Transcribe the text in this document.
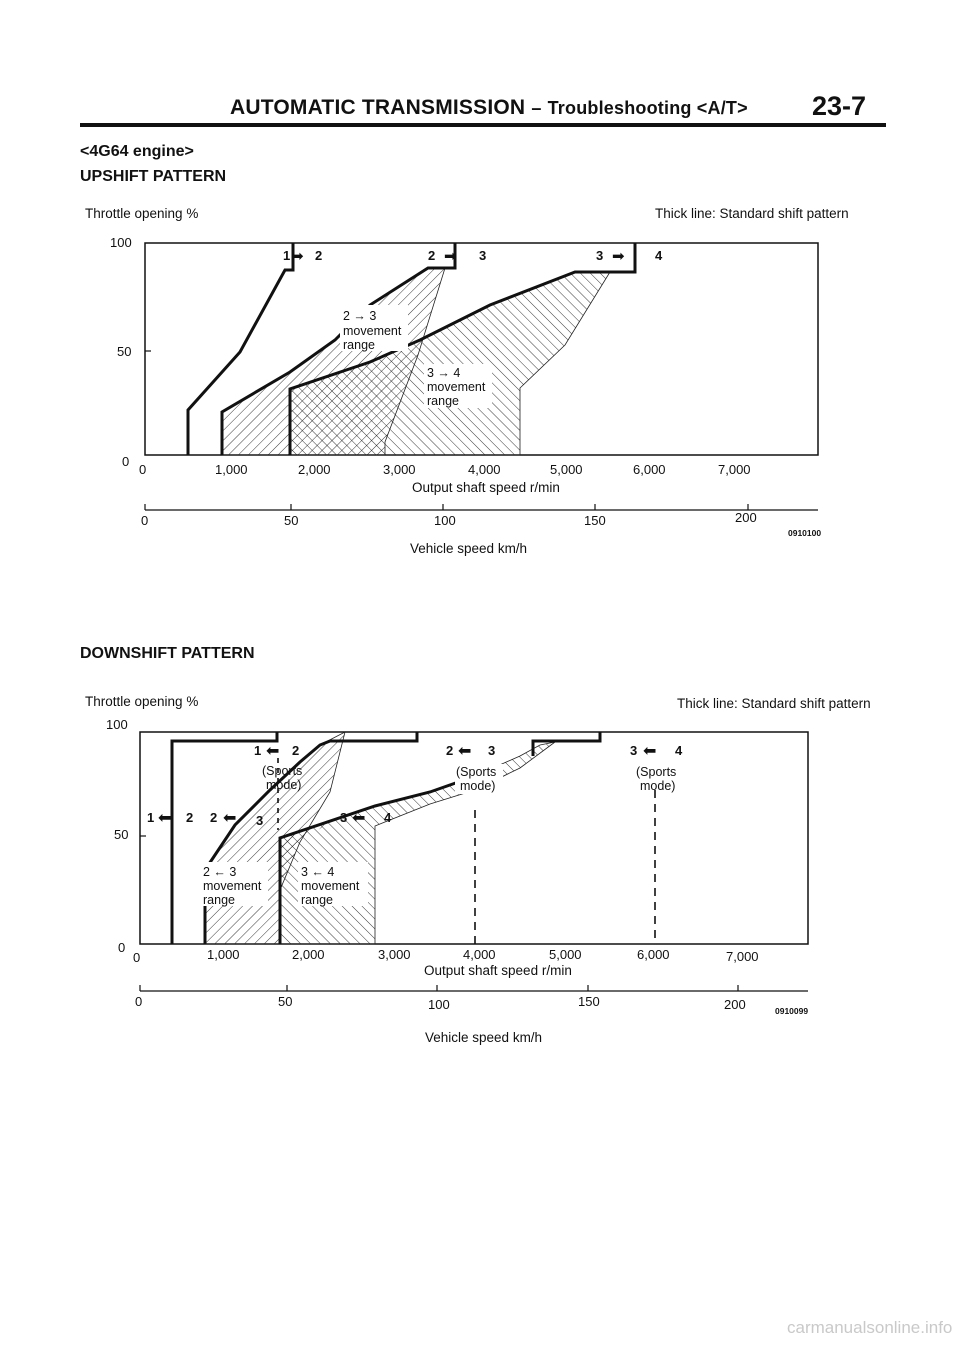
AUTOMATIC TRANSMISSION – Troubleshooting <A/T> 23-7
<4G64 engine>
UPSHIFT PATTERN
DOWNSHIFT PATTERN
Throttle opening %	Thick line: Standard shift pattern
100
50
0
1 ➡ 2	2 ➡ 3	3 ➡ 4
2 → 3
movement
range
3 → 4
movement
range
0	1,000	2,000	3,000	4,000	5,000	6,000	7,000
Output shaft speed r/min
0	50	100	150	200
0910100
Vehicle speed km/h
Throttle opening %	Thick line: Standard shift pattern
100
50
0
1 ⬅ 2
(Sports
mode)
2 ⬅ 3
(Sports
mode)
3 ⬅ 4
(Sports
mode)
1 ⬅ 2 2 ⬅ 3	3 ⬅ 4
2 ← 3
movement
range
3 ← 4
movement
range
0	1,000	2,000	3,000	4,000	5,000	6,000	7,000
Output shaft speed r/min
0	50	100	150	200	0910099
Vehicle speed km/h
carmanualsonline.info
